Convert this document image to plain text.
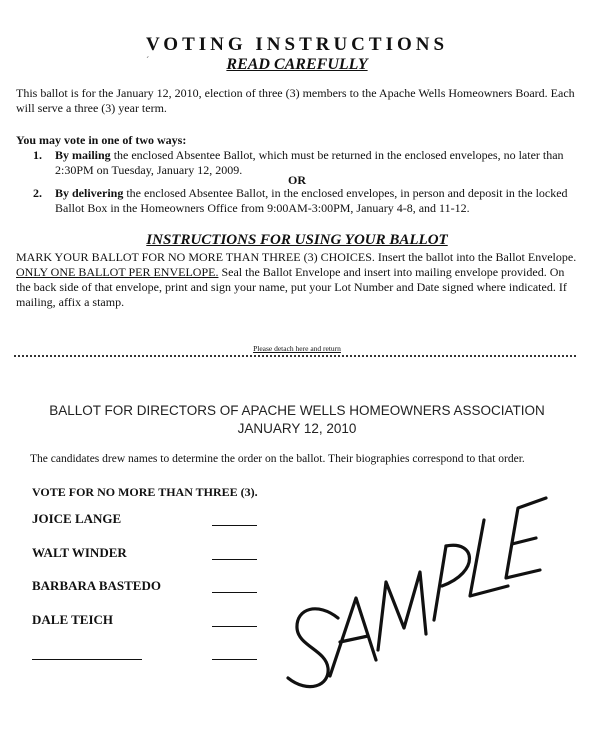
VOTING INSTRUCTIONS
´	READ CAREFULLY
This ballot is for the January 12, 2010, election of three (3) members to the Apache Wells Homeowners Board. Each will serve a three (3) year term.
You may vote in one of two ways:
1. By mailing the enclosed Absentee Ballot, which must be returned in the enclosed envelopes, no later than 2:30PM on Tuesday, January 12, 2009.
OR
2. By delivering the enclosed Absentee Ballot, in the enclosed envelopes, in person and deposit in the locked Ballot Box in the Homeowners Office from 9:00AM-3:00PM, January 4-8, and 11-12.
INSTRUCTIONS FOR USING YOUR BALLOT
MARK YOUR BALLOT FOR NO MORE THAN THREE (3) CHOICES. Insert the ballot into the Ballot Envelope. ONLY ONE BALLOT PER ENVELOPE. Seal the Ballot Envelope and insert into mailing envelope provided. On the back side of that envelope, print and sign your name, put your Lot Number and Date signed where indicated. If mailing, affix a stamp.
Please detach here and return
BALLOT FOR DIRECTORS OF APACHE WELLS HOMEOWNERS ASSOCIATION
JANUARY 12, 2010
The candidates drew names to determine the order on the ballot. Their biographies correspond to that order.
VOTE FOR NO MORE THAN THREE (3).
JOICE LANGE
WALT WINDER
BARBARA BASTEDO
DALE TEICH
